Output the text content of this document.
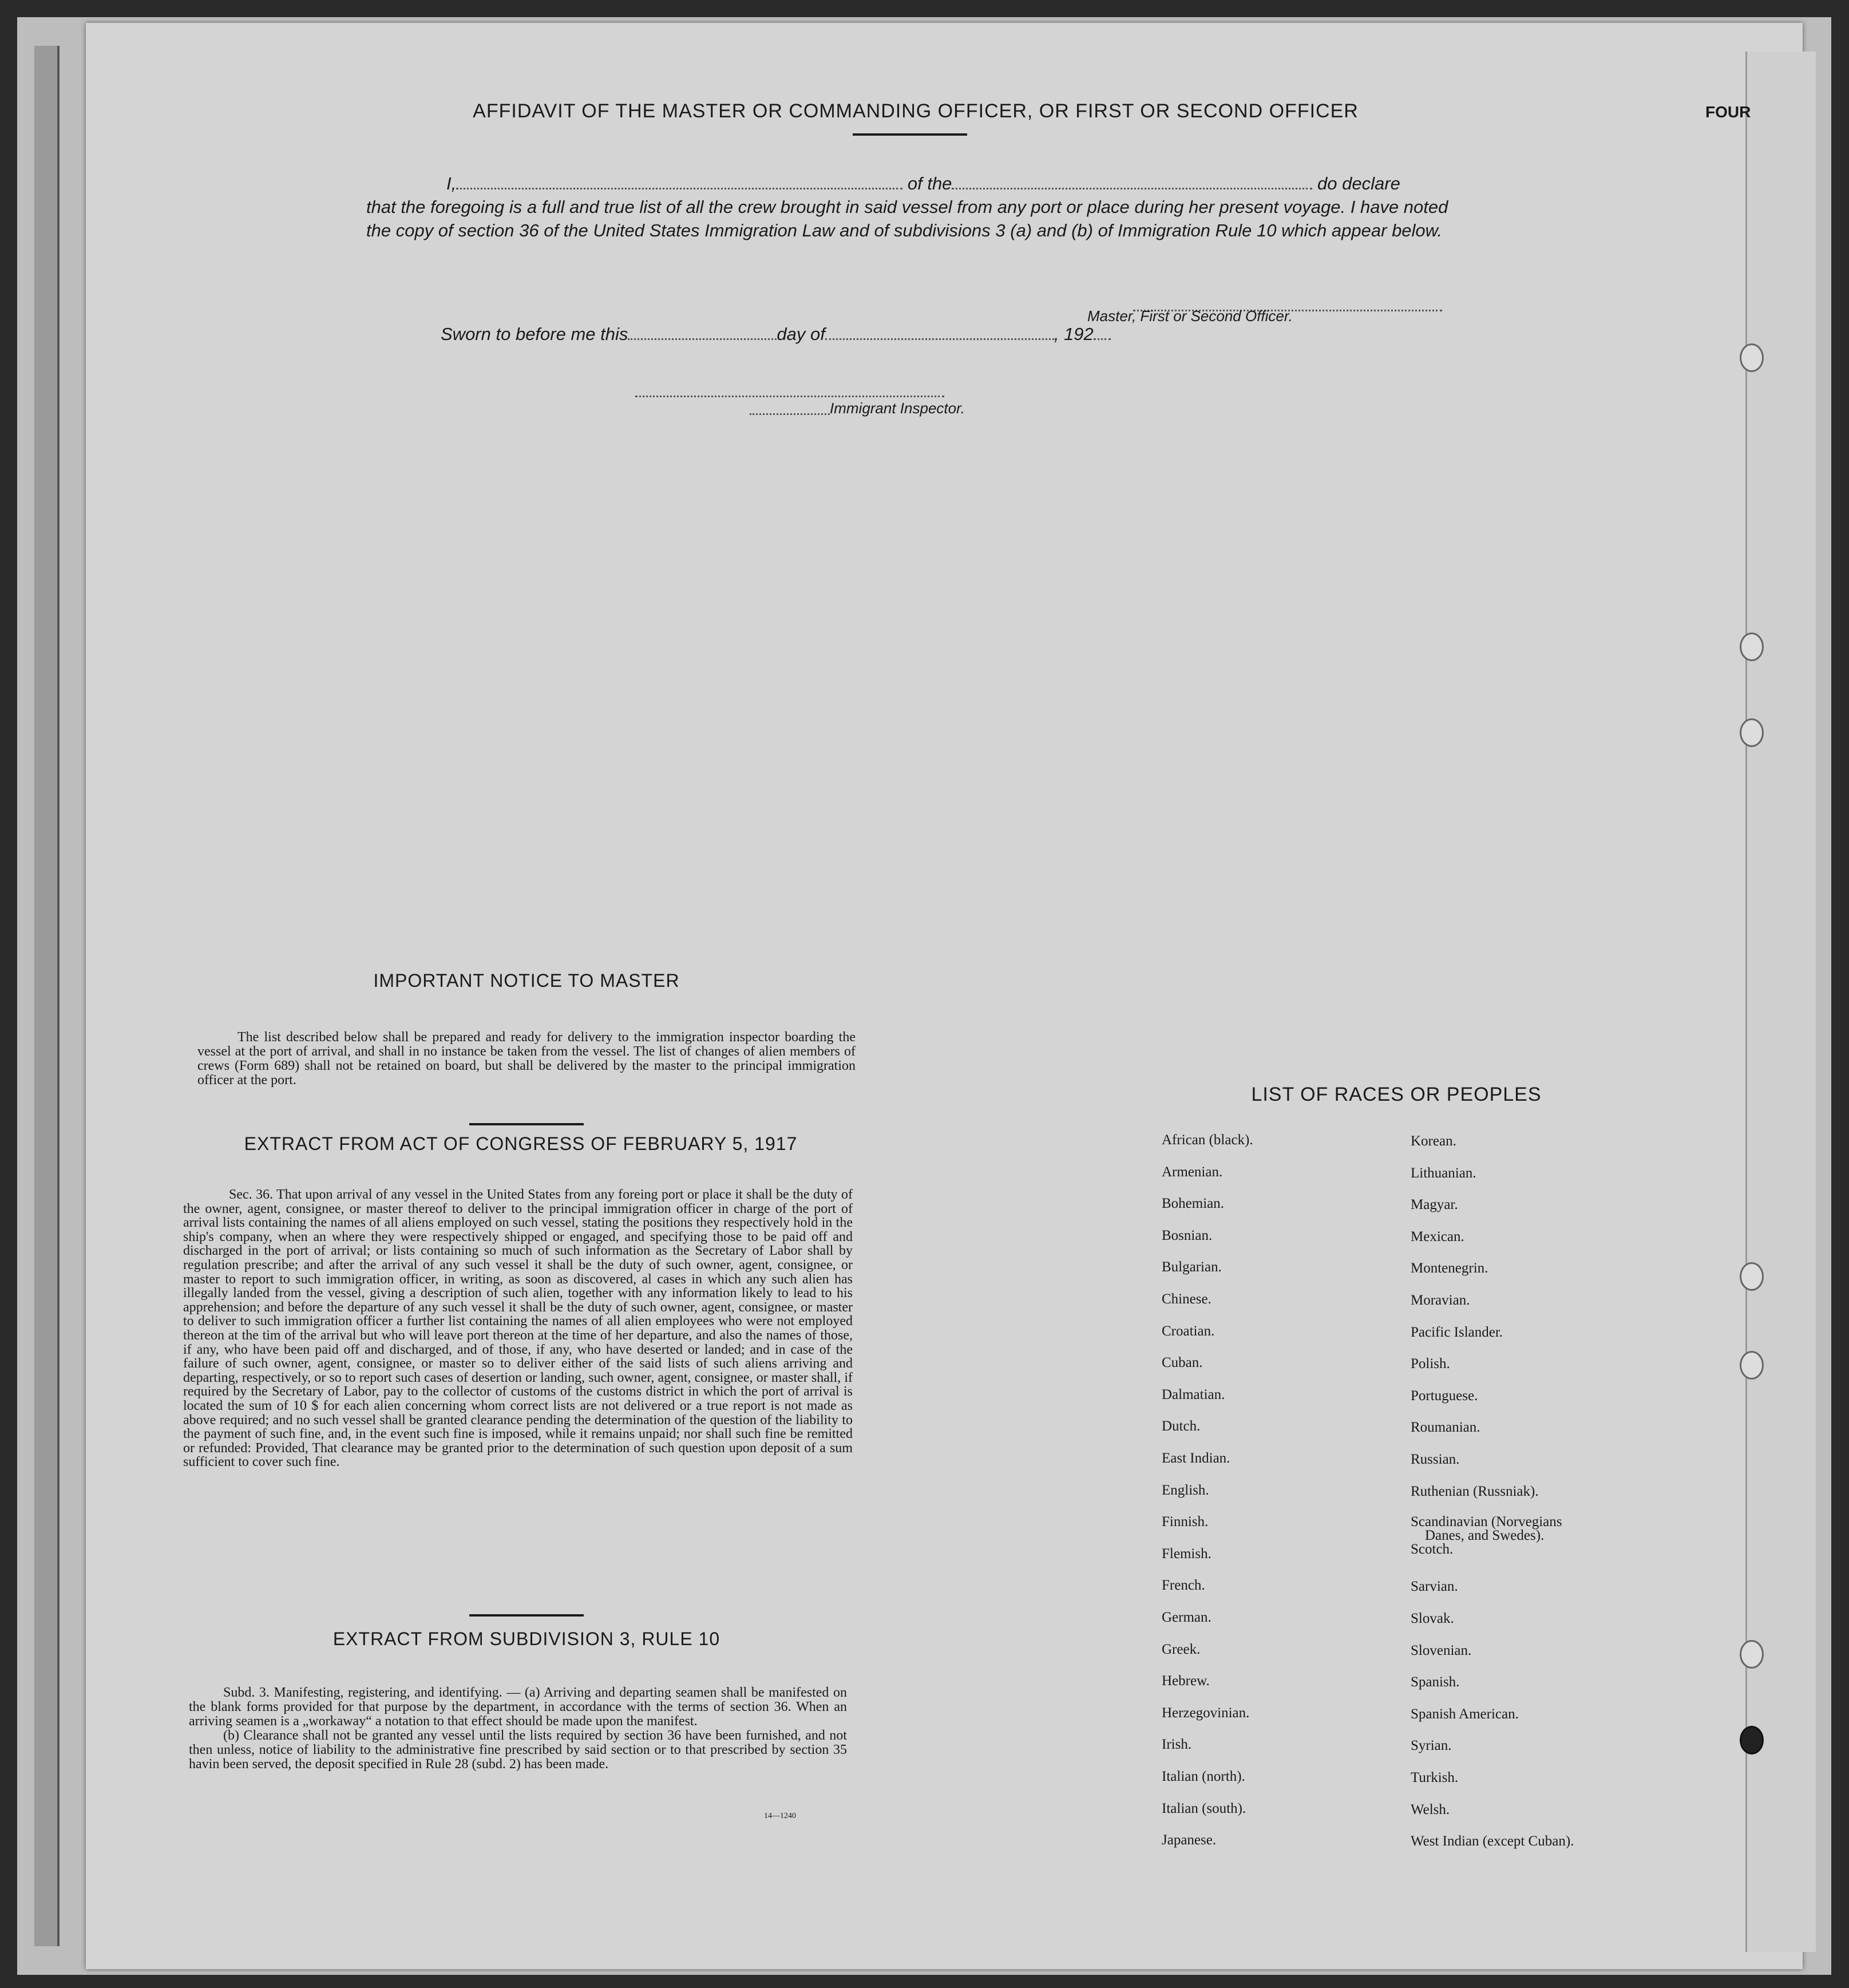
FOUR
AFFIDAVIT OF THE MASTER OR COMMANDING OFFICER, OR FIRST OR SECOND OFFICER
I,	of the	do declare
that the foregoing is a full and true list of all the crew brought in said vessel from any port or place during her present voyage. I have noted the copy of section 36 of the United States Immigration Law and of subdivisions 3 (a) and (b) of Immigration Rule 10 which appear below.
Master, First or Second Officer.
Sworn to before me this	day of	, 192
Immigrant Inspector.
IMPORTANT NOTICE TO MASTER
The list described below shall be prepared and ready for delivery to the immigration inspector boarding the vessel at the port of arrival, and shall in no instance be taken from the vessel. The list of changes of alien members of crews (Form 689) shall not be retained on board, but shall be delivered by the master to the principal immigration officer at the port.
EXTRACT FROM ACT OF CONGRESS OF FEBRUARY 5, 1917
Sec. 36. That upon arrival of any vessel in the United States from any foreing port or place it shall be the duty of the owner, agent, consignee, or master thereof to deliver to the principal immigration officer in charge of the port of arrival lists containing the names of all aliens employed on such vessel, stating the positions they respectively hold in the ship's company, when an where they were respectively shipped or engaged, and specifying those to be paid off and discharged in the port of arrival; or lists containing so much of such information as the Secretary of Labor shall by regulation prescribe; and after the arrival of any such vessel it shall be the duty of such owner, agent, consignee, or master to report to such immigration officer, in writing, as soon as discovered, al cases in which any such alien has illegally landed from the vessel, giving a description of such alien, together with any information likely to lead to his apprehension; and before the departure of any such vessel it shall be the duty of such owner, agent, consignee, or master to deliver to such immigration officer a further list containing the names of all alien employees who were not employed thereon at the tim of the arrival but who will leave port thereon at the time of her departure, and also the names of those, if any, who have been paid off and discharged, and of those, if any, who have deserted or landed; and in case of the failure of such owner, agent, consignee, or master so to deliver either of the said lists of such aliens arriving and departing, respectively, or so to report such cases of desertion or landing, such owner, agent, consignee, or master shall, if required by the Secretary of Labor, pay to the collector of customs of the customs district in which the port of arrival is located the sum of 10 $ for each alien concerning whom correct lists are not delivered or a true report is not made as above required; and no such vessel shall be granted clearance pending the determination of the question of the liability to the payment of such fine, and, in the event such fine is imposed, while it remains unpaid; nor shall such fine be remitted or refunded: Provided, That clearance may be granted prior to the determination of such question upon deposit of a sum sufficient to cover such fine.
EXTRACT FROM SUBDIVISION 3, RULE 10

Subd. 3. Manifesting, registering, and identifying. — (a) Arriving and departing seamen shall be manifested on the blank forms provided for that purpose by the department, in accordance with the terms of section 36. When an arriving seamen is a „workaway“ a notation to that effect should be made upon the manifest.

(b) Clearance shall not be granted any vessel until the lists required by section 36 have been furnished, and not then unless, notice of liability to the administrative fine prescribed by said section or to that prescribed by section 35 havin been served, the deposit specified in Rule 28 (subd. 2) has been made.

14—1240
LIST OF RACES OR PEOPLES
African (black).
Armenian.
Bohemian.
Bosnian.
Bulgarian.
Chinese.
Croatian.
Cuban.
Dalmatian.
Dutch.
East Indian.
English.
Finnish.
Flemish.
French.
German.
Greek.
Hebrew.
Herzegovinian.
Irish.
Italian (north).
Italian (south).
Japanese.
Korean.
Lithuanian.
Magyar.
Mexican.
Montenegrin.
Moravian.
Pacific Islander.
Polish.
Portuguese.
Roumanian.
Russian.
Ruthenian (Russniak).
Scandinavian (Norvegians
Danes, and Swedes).
Scotch.
Sarvian.
Slovak.
Slovenian.
Spanish.
Spanish American.
Syrian.
Turkish.
Welsh.
West Indian (except Cuban).
